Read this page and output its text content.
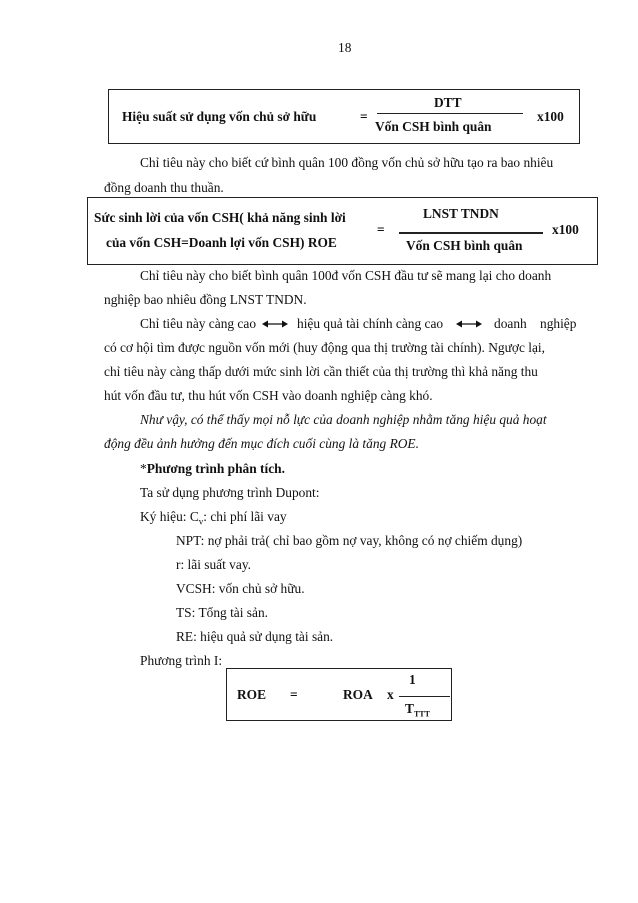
18
Hiệu suất sử dụng vốn chủ sở hữu	=
DTT
Vốn CSH bình quân
x100
Chỉ tiêu này cho biết cứ bình quân 100 đồng vốn chủ sở hữu tạo ra bao nhiêu
đồng doanh thu thuần.
Sức sinh lời của vốn CSH( khả năng sinh lời
của vốn CSH=Doanh lợi vốn CSH) ROE
=
LNST TNDN
Vốn CSH bình quân
x100
Chỉ tiêu này cho biết bình quân 100đ vốn CSH đầu tư sẽ mang lại cho doanh
nghiệp bao nhiêu đồng LNST TNDN.
Chỉ tiêu này càng cao	hiệu quả tài chính càng cao	doanh nghiệp
có cơ hội tìm được nguồn vốn mới (huy động qua thị trường tài chính). Ngược lại,
chỉ tiêu này càng thấp dưới mức sinh lời cần thiết của thị trường thì khả năng thu
hút vốn đầu tư, thu hút vốn CSH vào doanh nghiệp càng khó.
Như vậy, có thể thấy mọi nỗ lực của doanh nghiệp nhằm tăng hiệu quả hoạt
động đều ảnh hưởng đến mục đích cuối cùng là tăng ROE.
*Phương trình phân tích.
Ta sử dụng phương trình Dupont:
Ký hiệu: $C_v$: chi phí lãi vay
NPT: nợ phải trả( chỉ bao gồm nợ vay, không có nợ chiếm dụng)
r: lãi suất vay.
VCSH: vốn chủ sở hữu.
TS: Tổng tài sản.
RE: hiệu quả sử dụng tài sản.
Phương trình I:
ROE =	ROA x
1
$T_{TTT}$
